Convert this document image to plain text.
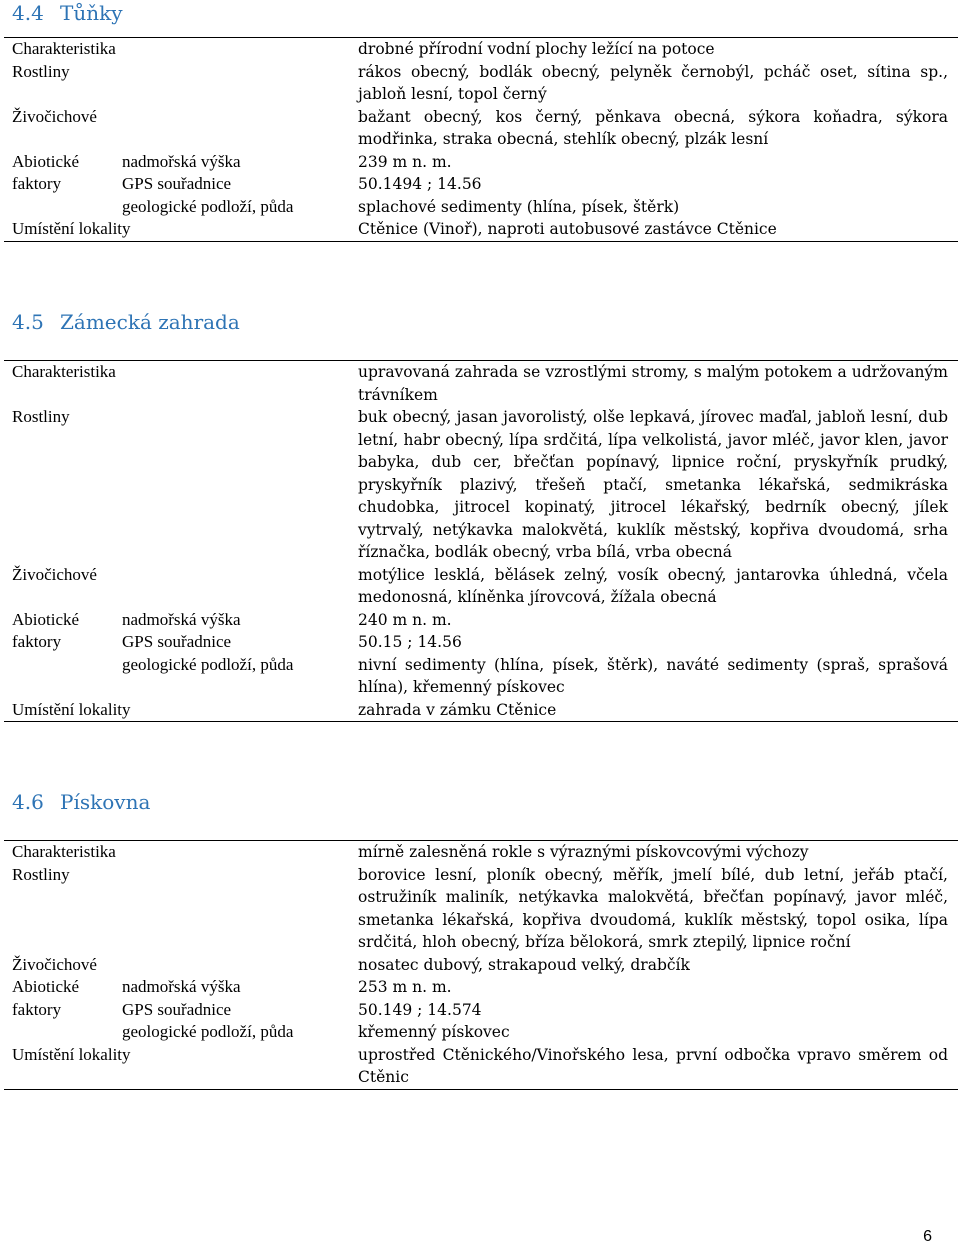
4.4 Tůňky
Charakteristika	drobné přírodní vodní plochy ležící na potoce
Rostliny	rákos obecný, bodlák obecný, pelyněk černobýl, pcháč oset, sítina sp., jabloň lesní, topol černý
Živočichové	bažant obecný, kos černý, pěnkava obecná, sýkora koňadra, sýkora modřinka, straka obecná, stehlík obecný, plzák lesní
Abiotické	nadmořská výška	239 m n. m.
faktory	GPS souřadnice	50.1494 ; 14.56
geologické podloží, půda	splachové sedimenty (hlína, písek, štěrk)
Umístění lokality	Ctěnice (Vinoř), naproti autobusové zastávce Ctěnice
4.5 Zámecká zahrada
Charakteristika	upravovaná zahrada se vzrostlými stromy, s malým potokem a udržovaným trávníkem
Rostliny	buk obecný, jasan javorolistý, olše lepkavá, jírovec maďal, jabloň lesní, dub letní, habr obecný, lípa srdčitá, lípa velkolistá, javor mléč, javor klen, javor babyka, dub cer, břečťan popínavý, lipnice roční, pryskyřník prudký, pryskyřník plazivý, třešeň ptačí, smetanka lékařská, sedmikráska chudobka, jitrocel kopinatý, jitrocel lékařský, bedrník obecný, jílek vytrvalý, netýkavka malokvětá, kuklík městský, kopřiva dvoudomá, srha říznačka, bodlák obecný, vrba bílá, vrba obecná
Živočichové	motýlice lesklá, bělásek zelný, vosík obecný, jantarovka úhledná, včela medonosná, klíněnka jírovcová, žížala obecná
Abiotické	nadmořská výška	240 m n. m.
faktory	GPS souřadnice	50.15 ; 14.56
geologické podloží, půda	nivní sedimenty (hlína, písek, štěrk), naváté sedimenty (spraš, sprašová hlína), křemenný pískovec
Umístění lokality	zahrada v zámku Ctěnice
4.6 Pískovna
Charakteristika	mírně zalesněná rokle s výraznými pískovcovými výchozy
Rostliny	borovice lesní, ploník obecný, měřík, jmelí bílé, dub letní, jeřáb ptačí, ostružiník maliník, netýkavka malokvětá, břečťan popínavý, javor mléč, smetanka lékařská, kopřiva dvoudomá, kuklík městský, topol osika, lípa srdčitá, hloh obecný, bříza bělokorá, smrk ztepilý, lipnice roční
Živočichové	nosatec dubový, strakapoud velký, drabčík
Abiotické	nadmořská výška	253 m n. m.
faktory	GPS souřadnice	50.149 ; 14.574
geologické podloží, půda	křemenný pískovec
Umístění lokality	uprostřed Ctěnického/Vinořského lesa, první odbočka vpravo směrem od Ctěnic
6
